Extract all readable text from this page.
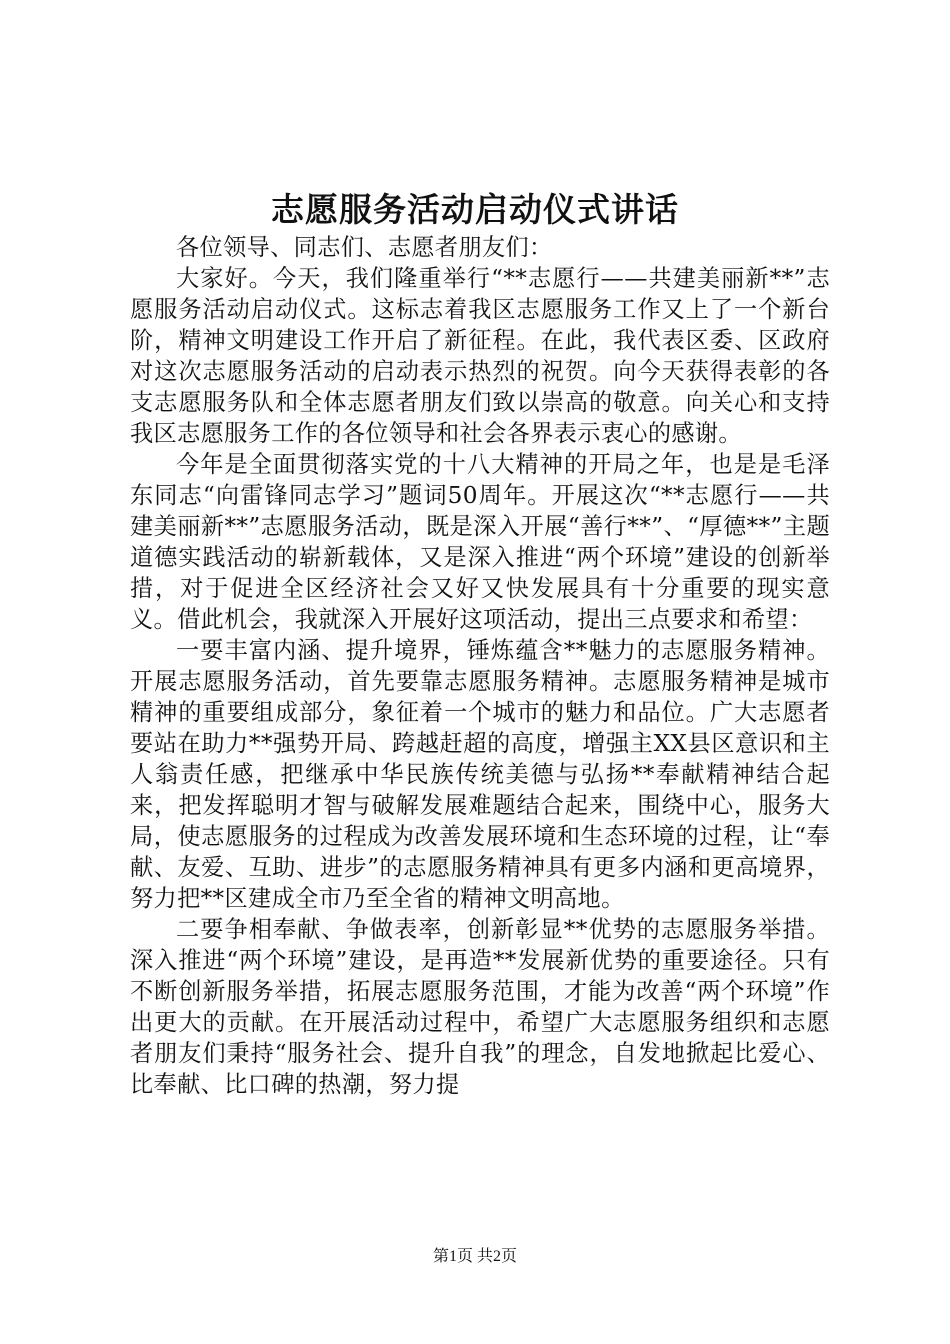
志愿服务活动启动仪式讲话

各位领导、同志们、志愿者朋友们：

大家好。今天，我们隆重举行“**志愿行——共建美丽新**”志愿服务活动启动仪式。这标志着我区志愿服务工作又上了一个新台阶，精神文明建设工作开启了新征程。在此，我代表区委、区政府对这次志愿服务活动的启动表示热烈的祝贺。向今天获得表彰的各支志愿服务队和全体志愿者朋友们致以崇高的敬意。向关心和支持我区志愿服务工作的各位领导和社会各界表示衷心的感谢。

今年是全面贯彻落实党的十八大精神的开局之年，也是是毛泽东同志“向雷锋同志学习”题词50周年。开展这次“**志愿行——共建美丽新**”志愿服务活动，既是深入开展“善行**”、“厚德**”主题道德实践活动的崭新载体，又是深入推进“两个环境”建设的创新举措，对于促进全区经济社会又好又快发展具有十分重要的现实意义。借此机会，我就深入开展好这项活动，提出三点要求和希望：

一要丰富内涵、提升境界，锤炼蕴含**魅力的志愿服务精神。开展志愿服务活动，首先要靠志愿服务精神。志愿服务精神是城市精神的重要组成部分，象征着一个城市的魅力和品位。广大志愿者要站在助力**强势开局、跨越赶超的高度，增强主XX县区意识和主人翁责任感，把继承中华民族传统美德与弘扬**奉献精神结合起来，把发挥聪明才智与破解发展难题结合起来，围绕中心，服务大局，使志愿服务的过程成为改善发展环境和生态环境的过程，让“奉献、友爱、互助、进步”的志愿服务精神具有更多内涵和更高境界，努力把**区建成全市乃至全省的精神文明高地。

二要争相奉献、争做表率，创新彰显**优势的志愿服务举措。深入推进“两个环境”建设，是再造**发展新优势的重要途径。只有不断创新服务举措，拓展志愿服务范围，才能为改善“两个环境”作出更大的贡献。在开展活动过程中，希望广大志愿服务组织和志愿者朋友们秉持“服务社会、提升自我”的理念，自发地掀起比爱心、比奉献、比口碑的热潮，努力提

第1页 共2页
